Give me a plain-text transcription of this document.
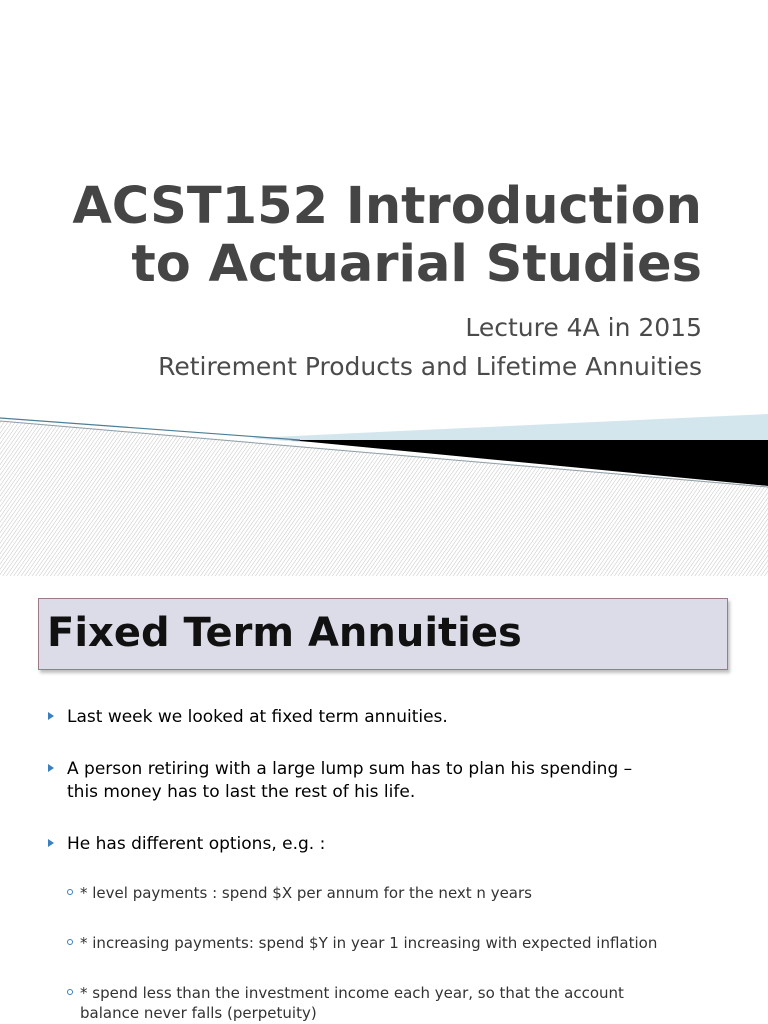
ACST152 Introduction
to Actuarial Studies
Lecture 4A in 2015
Retirement Products and Lifetime Annuities
Fixed Term Annuities
Last week we looked at fixed term annuities.
A person retiring with a large lump sum has to plan his spending –
this money has to last the rest of his life.
He has different options, e.g. :
* level payments : spend $X per annum for the next n years
* increasing payments: spend $Y in year 1 increasing with expected inflation
* spend less than the investment income each year, so that the account
balance never falls (perpetuity)
